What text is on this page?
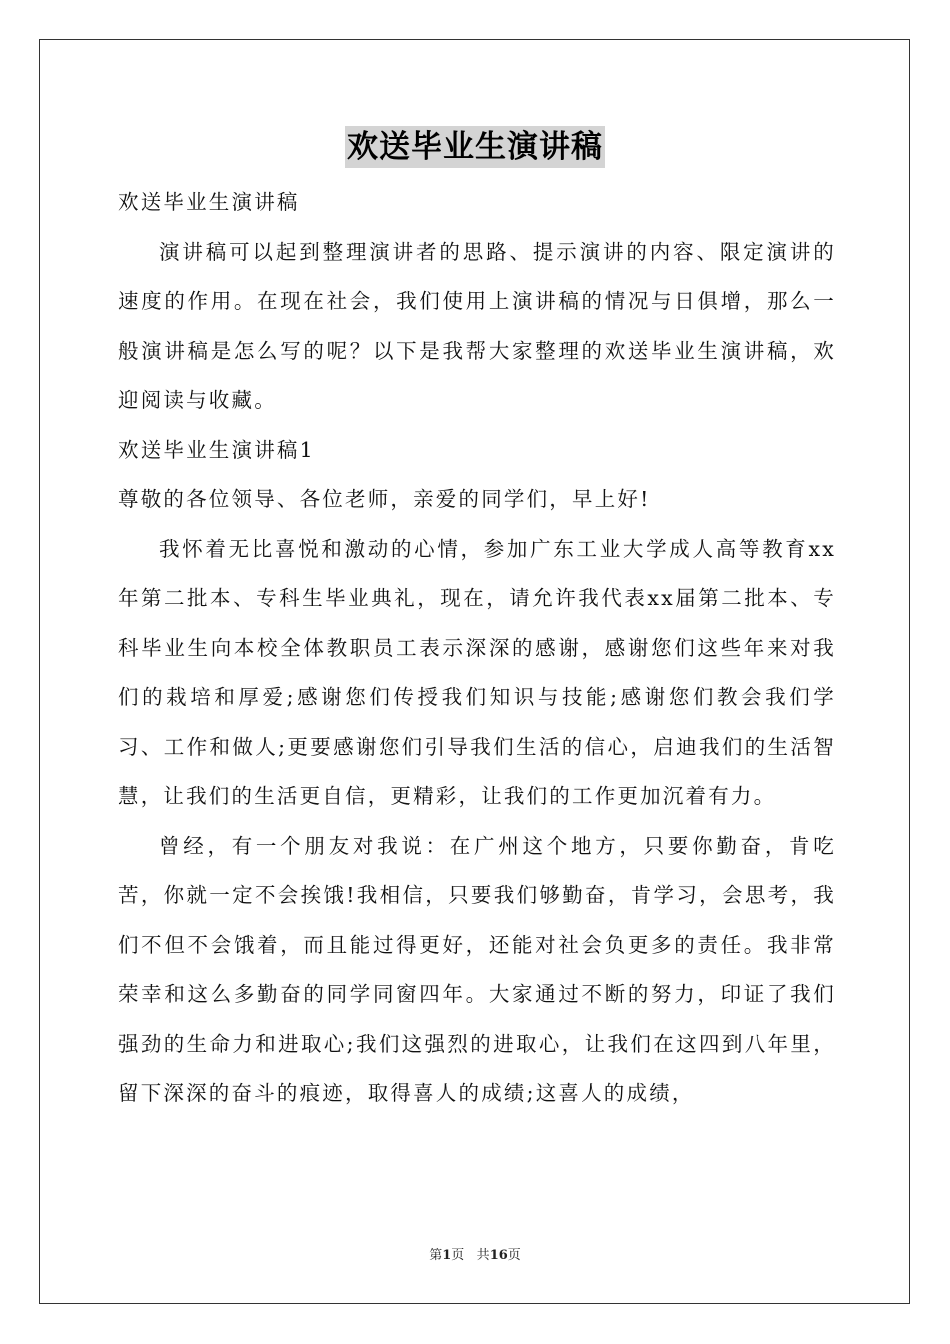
欢送毕业生演讲稿
欢送毕业生演讲稿

演讲稿可以起到整理演讲者的思路、提示演讲的内容、限定演讲的速度的作用。在现在社会，我们使用上演讲稿的情况与日俱增，那么一般演讲稿是怎么写的呢？以下是我帮大家整理的欢送毕业生演讲稿，欢迎阅读与收藏。

欢送毕业生演讲稿1
尊敬的各位领导、各位老师，亲爱的同学们，早上好!

我怀着无比喜悦和激动的心情，参加广东工业大学成人高等教育xx年第二批本、专科生毕业典礼，现在，请允许我代表xx届第二批本、专科毕业生向本校全体教职员工表示深深的感谢，感谢您们这些年来对我们的栽培和厚爱;感谢您们传授我们知识与技能;感谢您们教会我们学习、工作和做人;更要感谢您们引导我们生活的信心，启迪我们的生活智慧，让我们的生活更自信，更精彩，让我们的工作更加沉着有力。

曾经，有一个朋友对我说：在广州这个地方，只要你勤奋，肯吃苦，你就一定不会挨饿!我相信，只要我们够勤奋，肯学习，会思考，我们不但不会饿着，而且能过得更好，还能对社会负更多的责任。我非常荣幸和这么多勤奋的同学同窗四年。大家通过不断的努力，印证了我们强劲的生命力和进取心;我们这强烈的进取心，让我们在这四到八年里，留下深深的奋斗的痕迹，取得喜人的成绩;这喜人的成绩，

第1页 共16页
